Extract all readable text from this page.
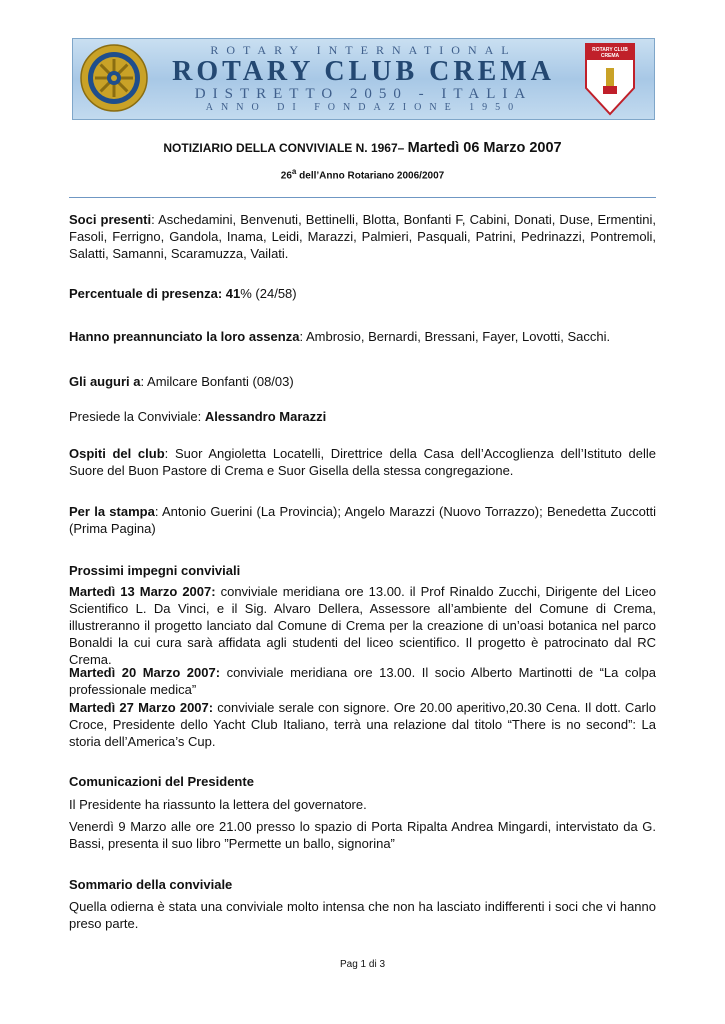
ROTARY INTERNATIONAL
ROTARY CLUB CREMA
DISTRETTO 2050 - ITALIA
ANNO DI FONDAZIONE 1950
ROTARY CLUB
CREMA
NOTIZIARIO DELLA CONVIVIALE N. 1967– Martedì 06 Marzo 2007
26$^a$ dell’Anno Rotariano 2006/2007

Soci presenti: Aschedamini, Benvenuti, Bettinelli, Blotta, Bonfanti F, Cabini, Donati, Duse, Ermentini, Fasoli, Ferrigno, Gandola, Inama, Leidi, Marazzi, Palmieri, Pasquali, Patrini, Pedrinazzi, Pontremoli, Salatti, Samanni, Scaramuzza, Vailati.

Percentuale di presenza: 41% (24/58)

Hanno preannunciato la loro assenza: Ambrosio, Bernardi, Bressani, Fayer, Lovotti, Sacchi.

Gli auguri a: Amilcare Bonfanti (08/03)

Presiede la Conviviale: Alessandro Marazzi

Ospiti del club: Suor Angioletta Locatelli, Direttrice della Casa dell’Accoglienza dell’Istituto delle Suore del Buon Pastore di Crema e Suor Gisella della stessa congregazione.

Per la stampa: Antonio Guerini (La Provincia); Angelo Marazzi (Nuovo Torrazzo); Benedetta Zuccotti (Prima Pagina)

Prossimi impegni conviviali

Martedì 13 Marzo 2007: conviviale meridiana ore 13.00. il Prof Rinaldo Zucchi, Dirigente del Liceo Scientifico L. Da Vinci, e il Sig. Alvaro Dellera, Assessore all’ambiente del Comune di Crema, illustreranno il progetto lanciato dal Comune di Crema per la creazione di un’oasi botanica nel parco Bonaldi la cui cura sarà affidata agli studenti del liceo scientifico. Il progetto è patrocinato dal RC Crema.

Martedì 20 Marzo 2007: conviviale meridiana ore 13.00. Il socio Alberto Martinotti de “La colpa professionale medica”

Martedì 27 Marzo 2007: conviviale serale con signore. Ore 20.00 aperitivo,20.30 Cena. Il dott. Carlo Croce, Presidente dello Yacht Club Italiano, terrà una relazione dal titolo “There is no second”: La storia dell’America’s Cup.

Comunicazioni del Presidente

Il Presidente ha riassunto la lettera del governatore.

Venerdì 9 Marzo alle ore 21.00 presso lo spazio di Porta Ripalta Andrea Mingardi, intervistato da G. Bassi, presenta il suo libro ”Permette un ballo, signorina”

Sommario della conviviale

Quella odierna è stata una conviviale molto intensa che non ha lasciato indifferenti i soci che vi hanno preso parte.

Pag 1 di 3
